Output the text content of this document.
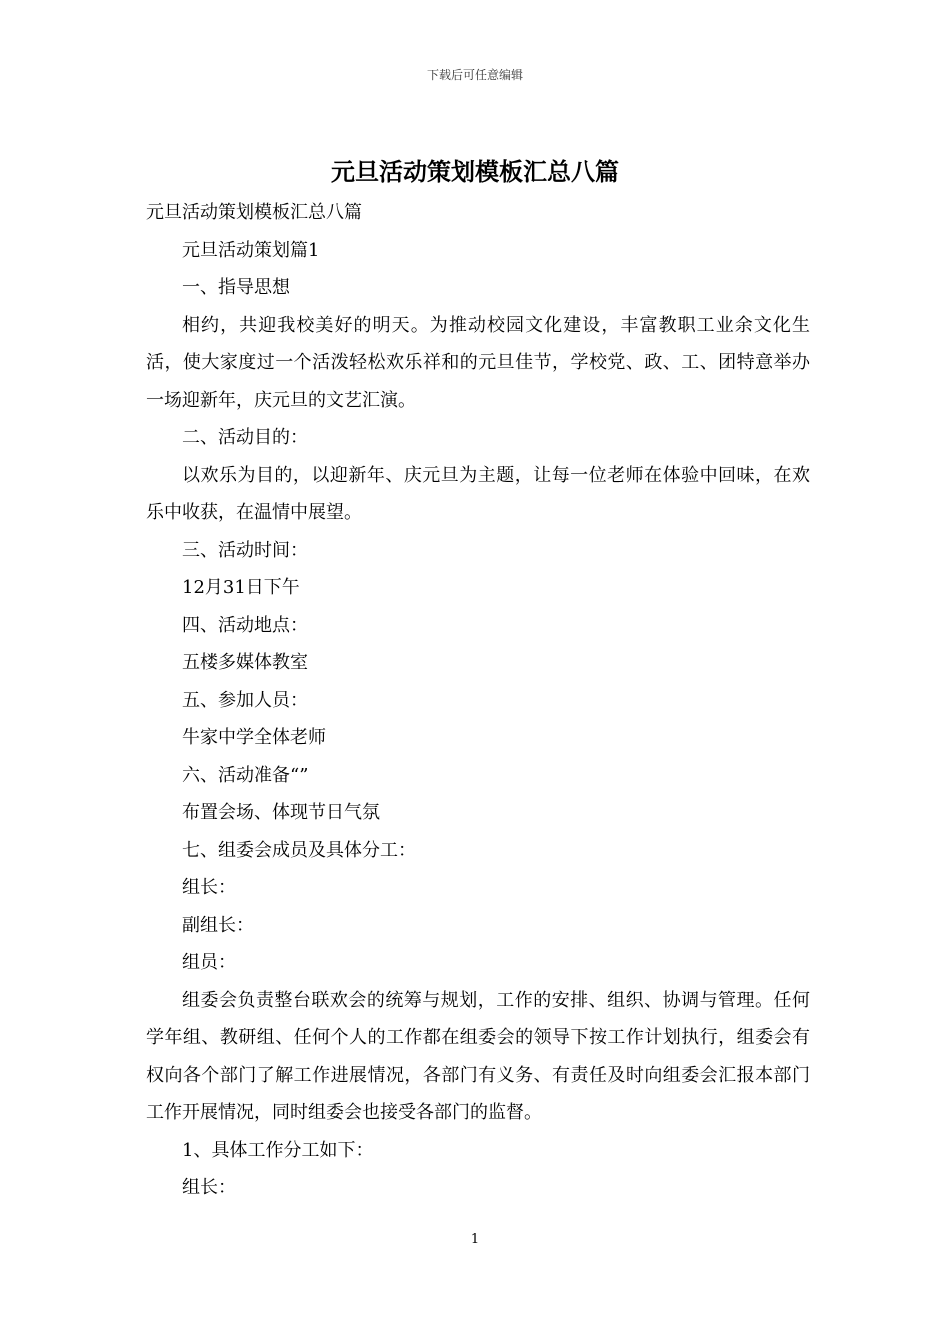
下载后可任意编辑
元旦活动策划模板汇总八篇

元旦活动策划模板汇总八篇

元旦活动策划篇1

一、指导思想

相约，共迎我校美好的明天。为推动校园文化建设，丰富教职工业余文化生活，使大家度过一个活泼轻松欢乐祥和的元旦佳节，学校党、政、工、团特意举办一场迎新年，庆元旦的文艺汇演。

二、活动目的：

以欢乐为目的，以迎新年、庆元旦为主题，让每一位老师在体验中回味，在欢乐中收获，在温情中展望。

三、活动时间：

12月31日下午

四、活动地点：

五楼多媒体教室

五、参加人员：

牛家中学全体老师

六、活动准备“”

布置会场、体现节日气氛

七、组委会成员及具体分工：

组长：

副组长：

组员：

组委会负责整台联欢会的统筹与规划，工作的安排、组织、协调与管理。任何学年组、教研组、任何个人的工作都在组委会的领导下按工作计划执行，组委会有权向各个部门了解工作进展情况，各部门有义务、有责任及时向组委会汇报本部门工作开展情况，同时组委会也接受各部门的监督。

1、具体工作分工如下：

组长：

1
